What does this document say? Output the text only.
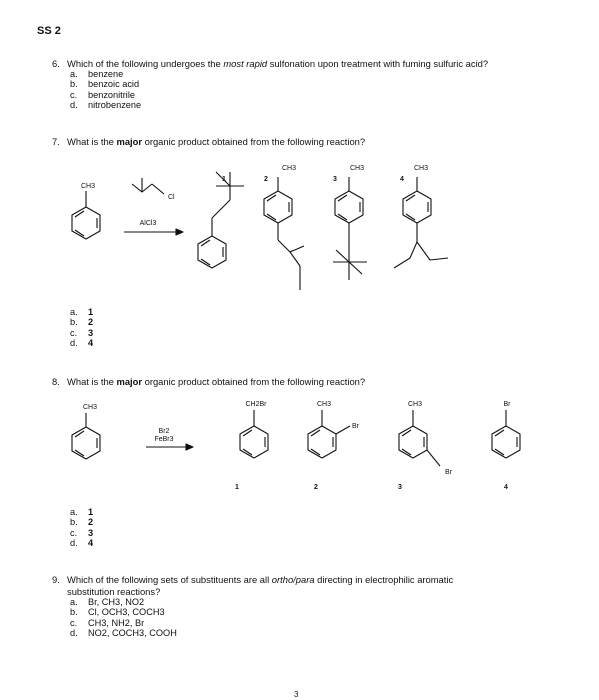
SS 2
6. Which of the following undergoes the most rapid sulfonation upon treatment with fuming sulfuric acid?
a. benzene
b. benzoic acid
c. benzonitrile
d. nitrobenzene
7. What is the major organic product obtained from the following reaction?
CH3
Cl
AlCl3
1
CH3
2
CH3
3
CH3
4
CH3
Br2
FeBr3
CH2Br
1
CH3
Br
2
CH3
Br
3
Br
4
a. 1
b. 2
c. 3
d. 4
8. What is the major organic product obtained from the following reaction?
a. 1
b. 2
c. 3
d. 4
9. Which of the following sets of substituents are all ortho/para directing in electrophilic aromatic
substitution reactions?
a. Br, CH3, NO2
b. Cl, OCH3, COCH3
c. CH3, NH2, Br
d. NO2, COCH3, COOH
3
